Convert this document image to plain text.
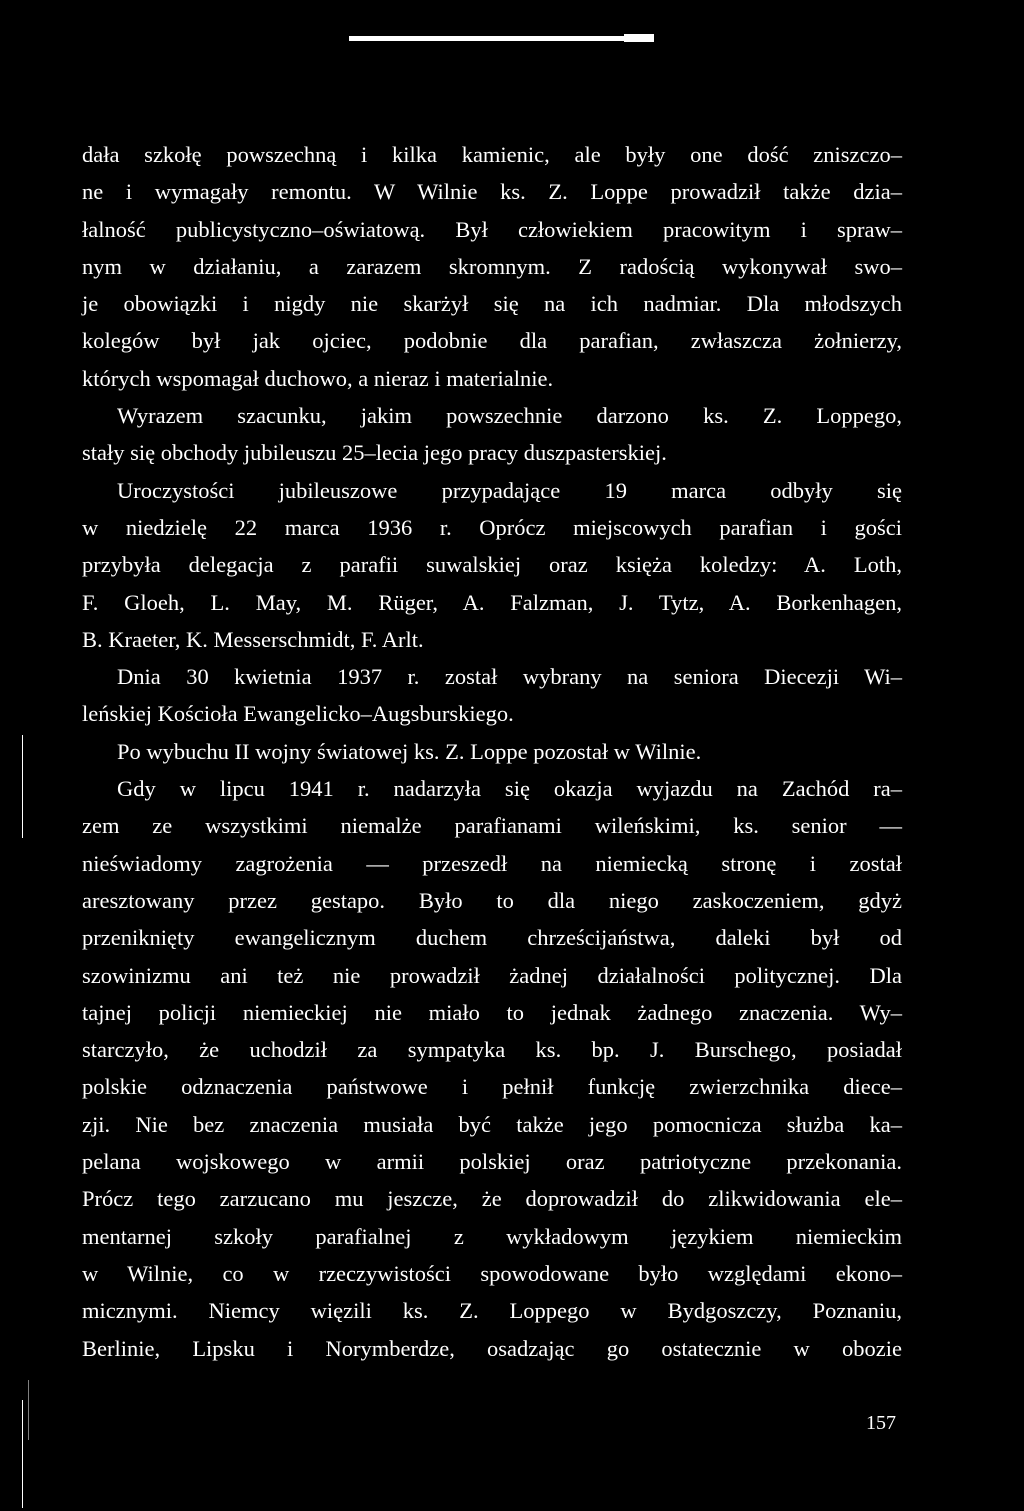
dała szkołę powszechną i kilka kamienic, ale były one dość zniszczo–
ne i wymagały remontu. W Wilnie ks. Z. Loppe prowadził także dzia–
łalność publicystyczno–oświatową. Był człowiekiem pracowitym i spraw–
nym w działaniu, a zarazem skromnym. Z radością wykonywał swo–
je obowiązki i nigdy nie skarżył się na ich nadmiar. Dla młodszych
kolegów był jak ojciec, podobnie dla parafian, zwłaszcza żołnierzy,
których wspomagał duchowo, a nieraz i materialnie.
Wyrazem szacunku, jakim powszechnie darzono ks. Z. Loppego,
stały się obchody jubileuszu 25–lecia jego pracy duszpasterskiej.
Uroczystości jubileuszowe przypadające 19 marca odbyły się
w niedzielę 22 marca 1936 r. Oprócz miejscowych parafian i gości
przybyła delegacja z parafii suwalskiej oraz księża koledzy: A. Loth,
F. Gloeh, L. May, M. Rüger, A. Falzman, J. Tytz, A. Borkenhagen,
B. Kraeter, K. Messerschmidt, F. Arlt.
Dnia 30 kwietnia 1937 r. został wybrany na seniora Diecezji Wi–
leńskiej Kościoła Ewangelicko–Augsburskiego.
Po wybuchu II wojny światowej ks. Z. Loppe pozostał w Wilnie.
Gdy w lipcu 1941 r. nadarzyła się okazja wyjazdu na Zachód ra–
zem ze wszystkimi niemalże parafianami wileńskimi, ks. senior —
nieświadomy zagrożenia — przeszedł na niemiecką stronę i został
aresztowany przez gestapo. Było to dla niego zaskoczeniem, gdyż
przeniknięty ewangelicznym duchem chrześcijaństwa, daleki był od
szowinizmu ani też nie prowadził żadnej działalności politycznej. Dla
tajnej policji niemieckiej nie miało to jednak żadnego znaczenia. Wy–
starczyło, że uchodził za sympatyka ks. bp. J. Burschego, posiadał
polskie odznaczenia państwowe i pełnił funkcję zwierzchnika diece–
zji. Nie bez znaczenia musiała być także jego pomocnicza służba ka–
pelana wojskowego w armii polskiej oraz patriotyczne przekonania.
Prócz tego zarzucano mu jeszcze, że doprowadził do zlikwidowania ele–
mentarnej szkoły parafialnej z wykładowym językiem niemieckim
w Wilnie, co w rzeczywistości spowodowane było względami ekono–
micznymi. Niemcy więzili ks. Z. Loppego w Bydgoszczy, Poznaniu,
Berlinie, Lipsku i Norymberdze, osadzając go ostatecznie w obozie
157
